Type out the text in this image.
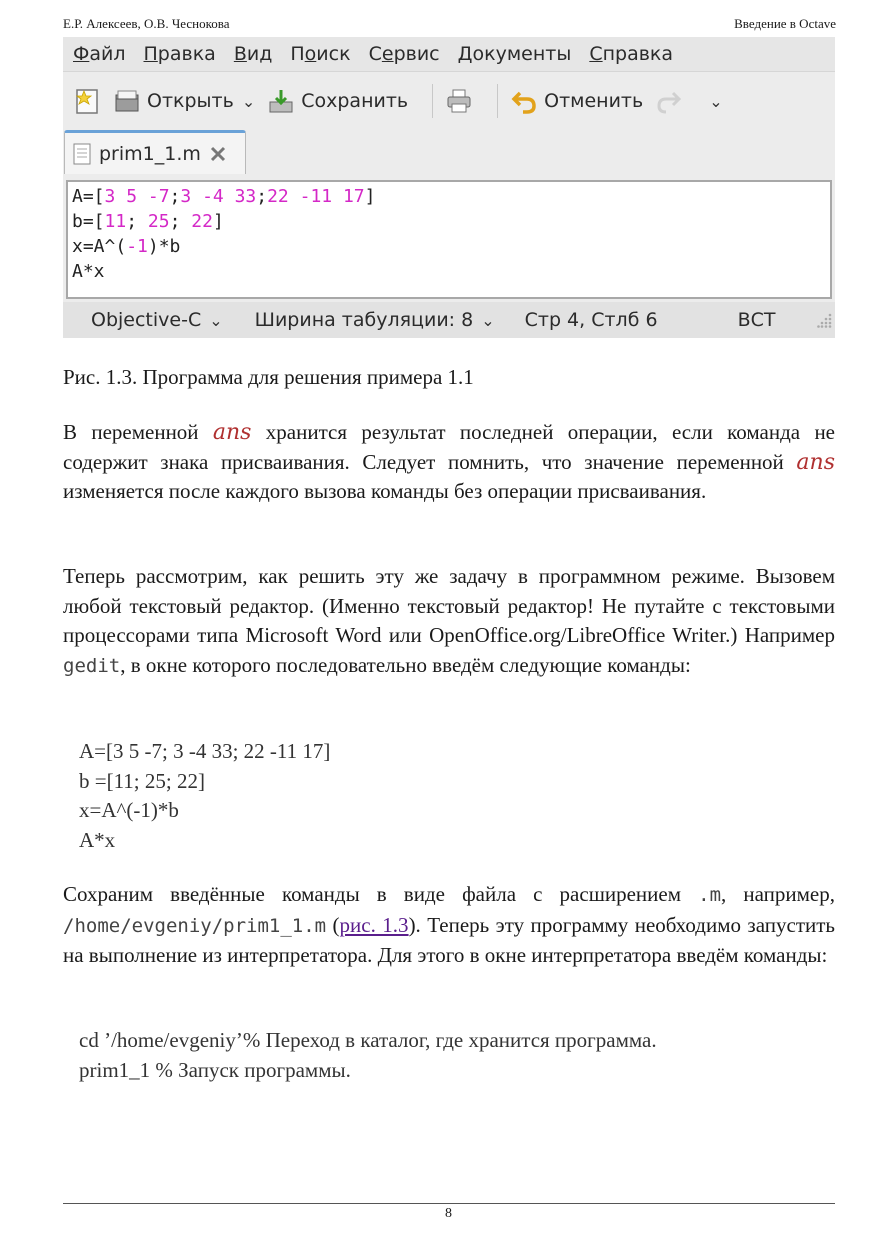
Е.Р. Алексеев, О.В. Чеснокова	Введение в Octave
Файл Правка Вид Поиск Сервис Документы Справка
Открыть ⌄ Сохранить	Отменить	⌄
prim1_1.m
A=[3 5 -7;3 -4 33;22 -11 17]
b=[11; 25; 22]
x=A^(-1)*b
A*x
Objective-C ⌄ Ширина табуляции: 8 ⌄ Стр 4, Стлб 6	ВСТ
Рис. 1.3. Программа для решения примера 1.1
В переменной ans хранится результат последней операции, если команда не содержит знака присваивания. Следует помнить, что значение переменной ans изменяется после каждого вызова команды без операции присваивания.
Теперь рассмотрим, как решить эту же задачу в программном режиме. Вызовем любой текстовый редактор. (Именно текстовый редактор! Не путайте с текстовыми процессорами типа Microsoft Word или OpenOffice.org/LibreOffice Writer.) Например gedit, в окне которого последовательно введём следующие команды:
A=[3 5 -7; 3 -4 33; 22 -11 17]
b =[11; 25; 22]
x=A^(-1)*b
A*x
Сохраним введённые команды в виде файла с расширением .m, например, /home/evgeniy/prim1_1.m (рис. 1.3). Теперь эту программу необходимо запустить на выполнение из интерпретатора. Для этого в окне интерпретатора введём команды:
cd ’/home/evgeniy’% Переход в каталог, где хранится программа.
prim1_1 % Запуск программы.
8
